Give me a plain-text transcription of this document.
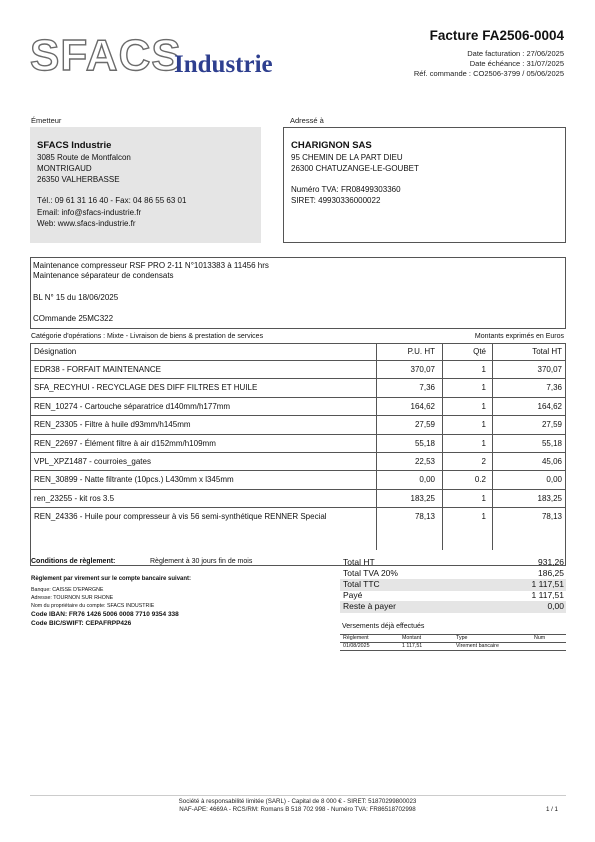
SFACS
Industrie
Facture FA2506-0004
Date facturation : 27/06/2025
Date échéance : 31/07/2025
Réf. commande : CO2506-3799 / 05/06/2025
Émetteur
SFACS Industrie
3085 Route de Montfalcon
MONTRIGAUD
26350 VALHERBASSE
Tél.: 09 61 31 16 40 - Fax: 04 86 55 63 01
Email: info@sfacs-industrie.fr
Web: www.sfacs-industrie.fr
Adressé à
CHARIGNON SAS
95 CHEMIN DE LA PART DIEU
26300 CHATUZANGE-LE-GOUBET
Numéro TVA: FR08499303360
SIRET: 49930336000022
Maintenance compresseur RSF PRO 2-11 N°1013383 à 11456 hrs
Maintenance séparateur de condensats
BL N° 15 du 18/06/2025
COmmande 25MC322
Catégorie d'opérations : Mixte - Livraison de biens & prestation de services	Montants exprimés en Euros
Désignation	P.U. HT	Qté	Total HT
EDR38 - FORFAIT MAINTENANCE	370,07	1	370,07
SFA_RECYHUI - RECYCLAGE DES DIFF FILTRES ET HUILE	7,36	1	7,36
REN_10274 - Cartouche séparatrice d140mm/h177mm	164,62	1	164,62
REN_23305 - Filtre à huile d93mm/h145mm	27,59	1	27,59
REN_22697 - Élément filtre à air d152mm/h109mm	55,18	1	55,18
VPL_XPZ1487 - courroies_gates	22,53	2	45,06
REN_30899 - Natte filtrante (10pcs.) L430mm x l345mm	0,00	0.2	0,00
ren_23255 - kit ros 3.5	183,25	1	183,25
REN_24336 - Huile pour compresseur à vis 56 semi-synthétique RENNER Special	78,13	1	78,13
Conditions de règlement:	Règlement à 30 jours fin de mois
Règlement par virement sur le compte bancaire suivant:
Banque: CAISSE D'EPARGNE
Adresse: TOURNON SUR RHONE
Nom du propriétaire du compte: SFACS INDUSTRIE
Code IBAN: FR76 1426 5006 0008 7710 9354 338
Code BIC/SWIFT: CEPAFRPP426
Total HT	931,26
Total TVA 20%	186,25
Total TTC	1 117,51
Payé	1 117,51
Reste à payer	0,00
Versements déjà effectués
Règlement	Montant	Type	Num
01/08/2025	1 117,51	Virement bancaire
Société à responsabilité limitée (SARL) - Capital de 8 000 € - SIRET: 51870299800023
NAF-APE: 4669A - RCS/RM: Romans B 518 702 998 - Numéro TVA: FR86518702998	1 / 1
